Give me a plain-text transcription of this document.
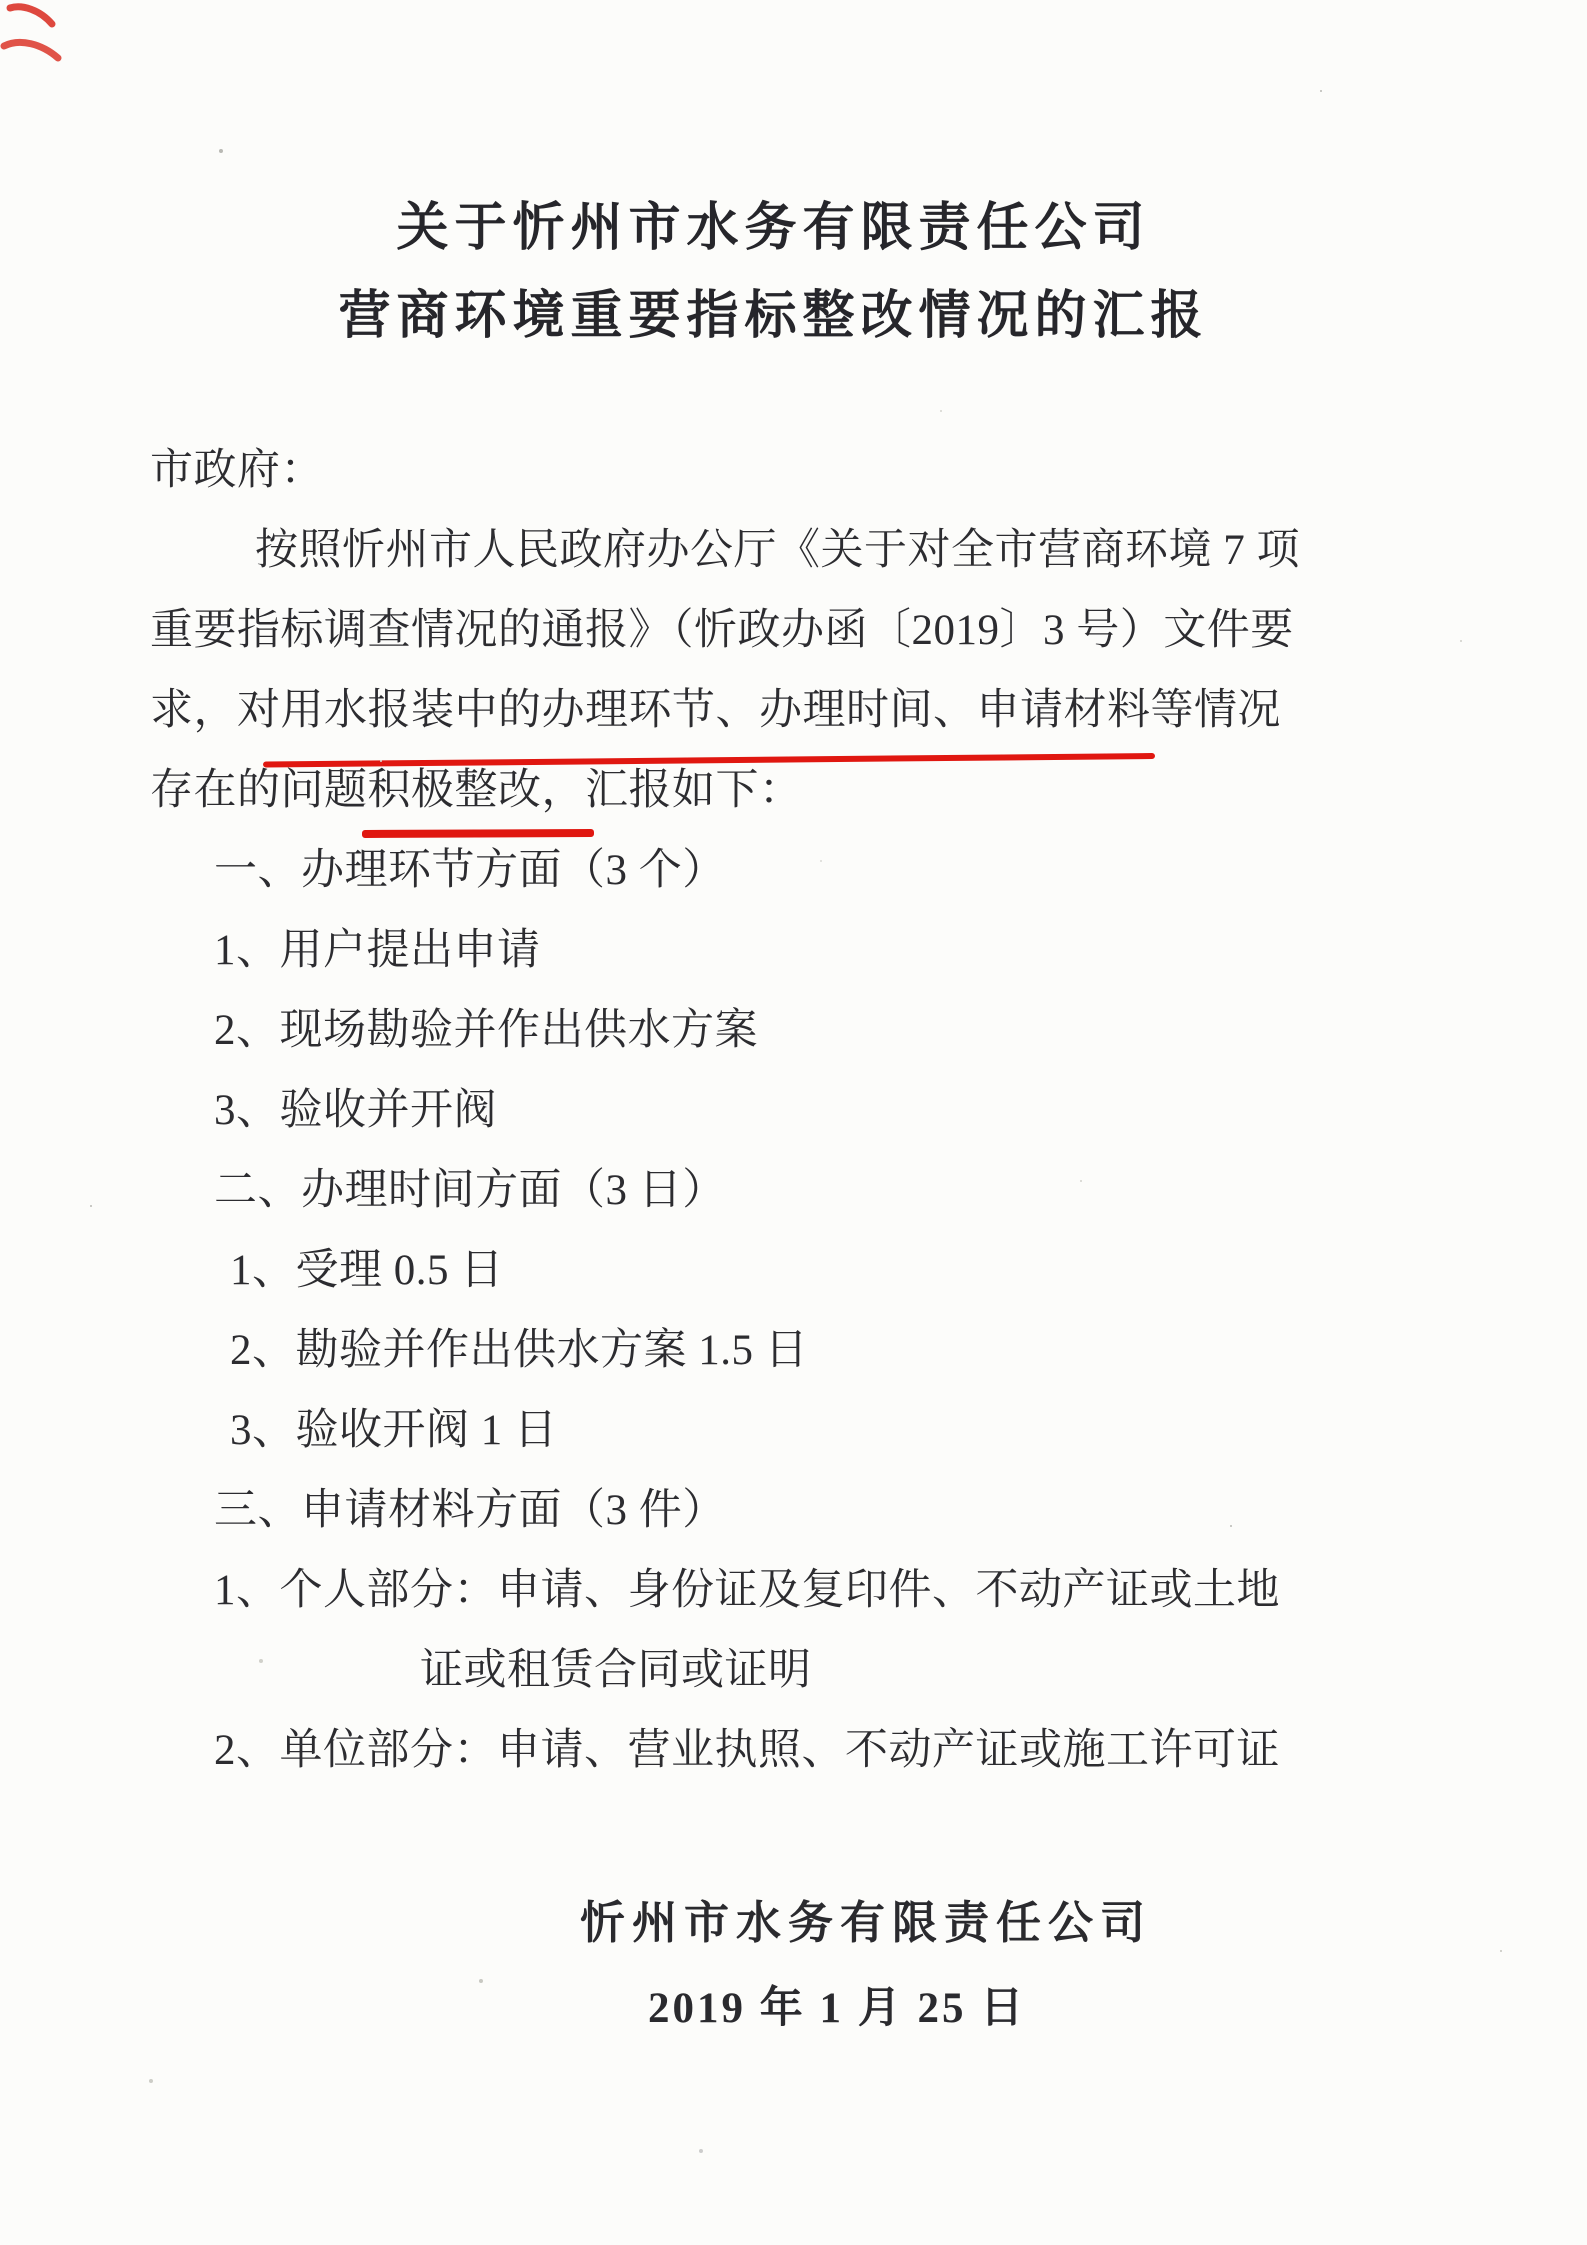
关于忻州市水务有限责任公司
营商环境重要指标整改情况的汇报
市政府：
按照忻州市人民政府办公厅《关于对全市营商环境 7 项
重要指标调查情况的通报》（忻政办函〔2019〕3 号）文件要
求，对用水报装中的办理环节、办理时间、申请材料等情况
存在的问题积极整改，汇报如下：
一、办理环节方面（3 个）
1、用户提出申请
2、现场勘验并作出供水方案
3、验收并开阀
二、办理时间方面（3 日）
1、受理 0.5 日
2、勘验并作出供水方案 1.5 日
3、验收开阀 1 日
三、申请材料方面（3 件）
1、个人部分：申请、身份证及复印件、不动产证或土地
证或租赁合同或证明
2、单位部分：申请、营业执照、不动产证或施工许可证
忻州市水务有限责任公司
2019 年 1 月 25 日
